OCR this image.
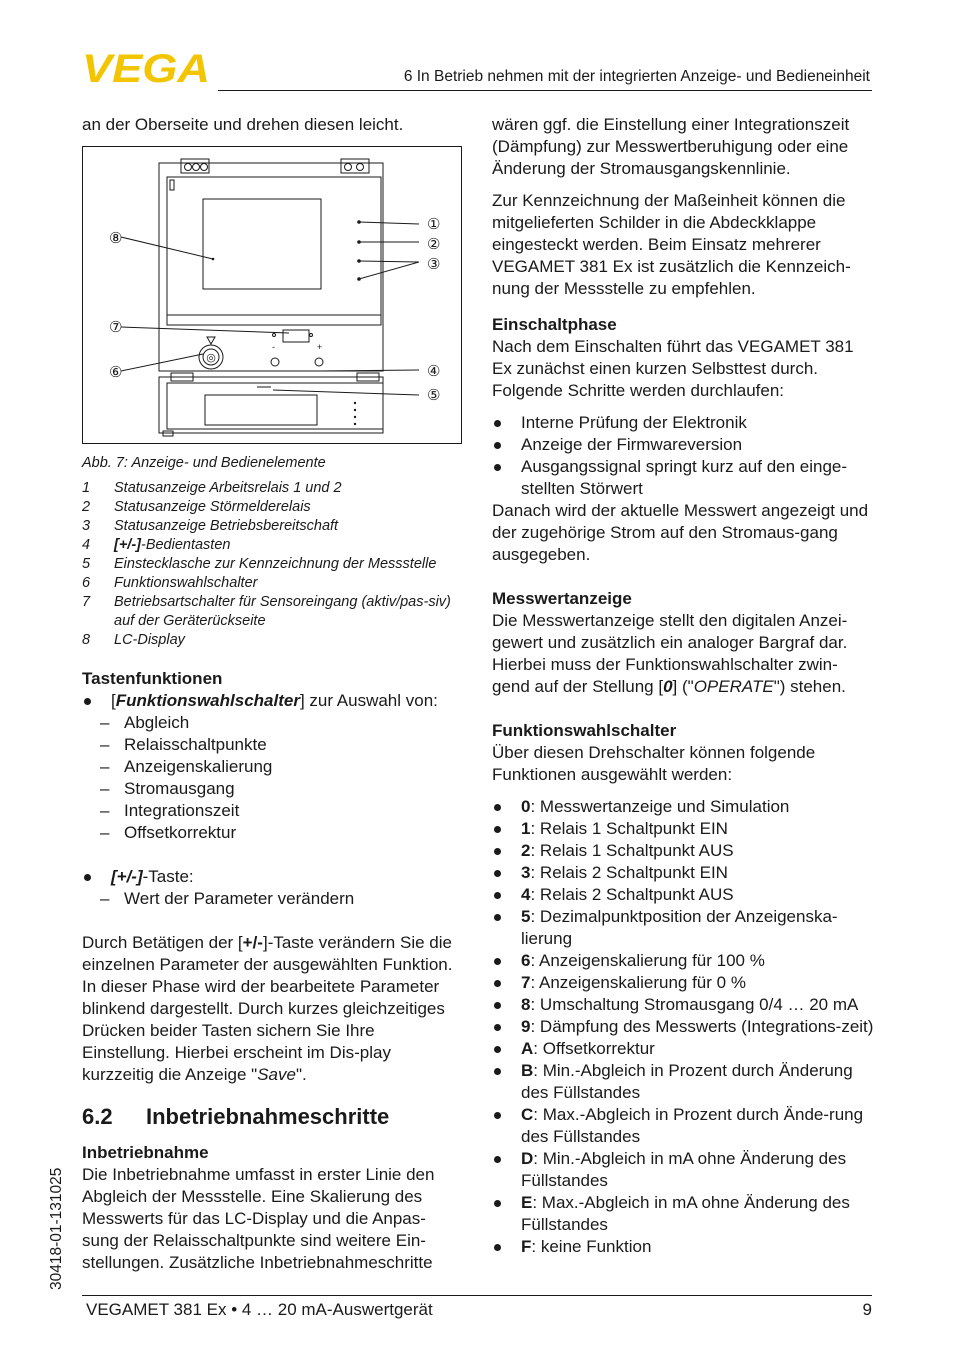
VEGA	6 In Betrieb nehmen mit der integrierten Anzeige- und Bedieneinheit

an der Oberseite und drehen diesen leicht.

◎
①
②
③
④
⑤
⑥
⑦
⑧
-	+
Abb. 7: Anzeige- und Bedienelemente
1	Statusanzeige Arbeitsrelais 1 und 2
2	Statusanzeige Störmelderelais
3	Statusanzeige Betriebsbereitschaft
4	[+/-]-Bedientasten
5	Einstecklasche zur Kennzeichnung der Messstelle
6	Funktionswahlschalter
7	Betriebsartschalter für Sensoreingang (aktiv/pas-siv) auf der Geräterückseite
8	LC-Display
Tastenfunktionen
[Funktionswahlschalter] zur Auswahl von:
– Abgleich
– Relaisschaltpunkte
– Anzeigenskalierung
– Stromausgang
– Integrationszeit
– Offsetkorrektur
[+/-]-Taste:
– Wert der Parameter verändern

Durch Betätigen der [+/-]-Taste verändern Sie die einzelnen Parameter der ausgewählten Funktion. In dieser Phase wird der bearbeitete Parameter blinkend dargestellt. Durch kurzes gleichzeitiges Drücken beider Tasten sichern Sie Ihre Einstellung. Hierbei erscheint im Dis-play kurzzeitig die Anzeige "Save".

6.2 Inbetriebnahmeschritte
Inbetriebnahme

Die Inbetriebnahme umfasst in erster Linie den Abgleich der Messstelle. Eine Skalierung des Messwerts für das LC-Display und die Anpas-sung der Relaisschaltpunkte sind weitere Ein-stellungen. Zusätzliche Inbetriebnahmeschritte

wären ggf. die Einstellung einer Integrationszeit (Dämpfung) zur Messwertberuhigung oder eine Änderung der Stromausgangskennlinie.

Zur Kennzeichnung der Maßeinheit können die mitgelieferten Schilder in die Abdeckklappe eingesteckt werden. Beim Einsatz mehrerer VEGAMET 381 Ex ist zusätzlich die Kennzeich-nung der Messstelle zu empfehlen.

Einschaltphase

Nach dem Einschalten führt das VEGAMET 381 Ex zunächst einen kurzen Selbsttest durch. Folgende Schritte werden durchlaufen:

Interne Prüfung der Elektronik
Anzeige der Firmwareversion
Ausgangssignal springt kurz auf den einge-stellten Störwert

Danach wird der aktuelle Messwert angezeigt und der zugehörige Strom auf den Stromaus-gang ausgegeben.

Messwertanzeige

Die Messwertanzeige stellt den digitalen Anzei-gewert und zusätzlich ein analoger Bargraf dar. Hierbei muss der Funktionswahlschalter zwin-gend auf der Stellung [0] ("OPERATE") stehen.

Funktionswahlschalter

Über diesen Drehschalter können folgende Funktionen ausgewählt werden:

0: Messwertanzeige und Simulation
1: Relais 1 Schaltpunkt EIN
2: Relais 1 Schaltpunkt AUS
3: Relais 2 Schaltpunkt EIN
4: Relais 2 Schaltpunkt AUS
5: Dezimalpunktposition der Anzeigenska-lierung
6: Anzeigenskalierung für 100 %
7: Anzeigenskalierung für 0 %
8: Umschaltung Stromausgang 0/4 … 20 mA
9: Dämpfung des Messwerts (Integrations-zeit)
A: Offsetkorrektur
B: Min.-Abgleich in Prozent durch Änderung des Füllstandes
C: Max.-Abgleich in Prozent durch Ände-rung des Füllstandes
D: Min.-Abgleich in mA ohne Änderung des Füllstandes
E: Max.-Abgleich in mA ohne Änderung des Füllstandes
F: keine Funktion
30418-01-131025
VEGAMET 381 Ex • 4 … 20 mA-Auswertgerät	9
